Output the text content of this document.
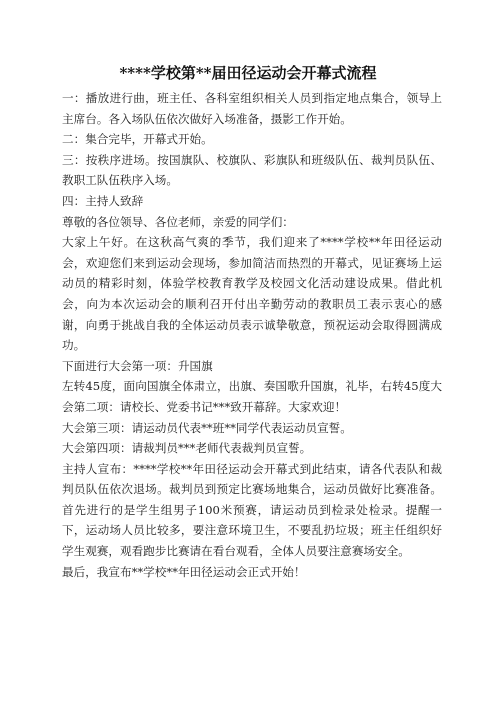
****学校第**届田径运动会开幕式流程

一：播放进行曲，班主任、各科室组织相关人员到指定地点集合，领导上主席台。各入场队伍依次做好入场准备，摄影工作开始。

二：集合完毕，开幕式开始。

三：按秩序进场。按国旗队、校旗队、彩旗队和班级队伍、裁判员队伍、教职工队伍秩序入场。

四：主持人致辞

尊敬的各位领导、各位老师，亲爱的同学们：

大家上午好。在这秋高气爽的季节，我们迎来了****学校**年田径运动会，欢迎您们来到运动会现场，参加简洁而热烈的开幕式，见证赛场上运动员的精彩时刻，体验学校教育教学及校园文化活动建设成果。借此机会，向为本次运动会的顺利召开付出辛勤劳动的教职员工表示衷心的感谢，向勇于挑战自我的全体运动员表示诚挚敬意，预祝运动会取得圆满成功。

下面进行大会第一项：升国旗

左转45度，面向国旗全体肃立，出旗、奏国歌升国旗，礼毕，右转45度大会第二项：请校长、党委书记***致开幕辞。大家欢迎！

大会第三项：请运动员代表**班**同学代表运动员宣誓。

大会第四项：请裁判员***老师代表裁判员宣誓。

主持人宣布：****学校**年田径运动会开幕式到此结束，请各代表队和裁判员队伍依次退场。裁判员到预定比赛场地集合，运动员做好比赛准备。首先进行的是学生组男子100米预赛，请运动员到检录处检录。提醒一下，运动场人员比较多，要注意环境卫生，不要乱扔垃圾；班主任组织好学生观赛，观看跑步比赛请在看台观看，全体人员要注意赛场安全。

最后，我宣布**学校**年田径运动会正式开始！
